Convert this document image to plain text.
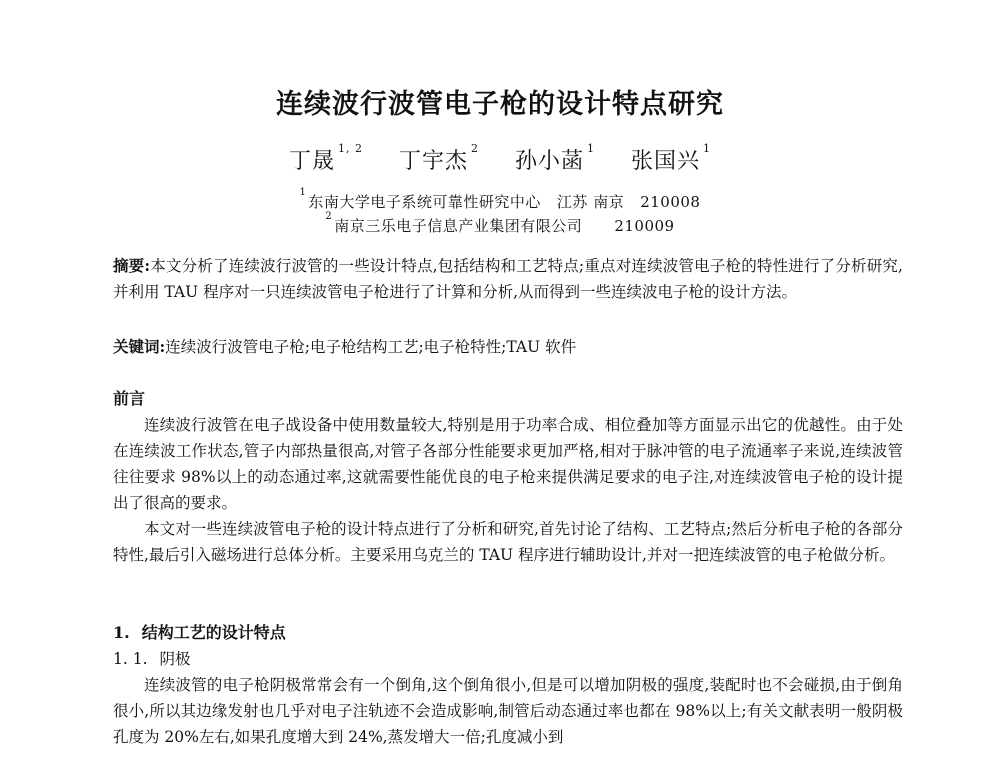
连续波行波管电子枪的设计特点研究
丁晟$^{1, 2}$ 丁宇杰$^2$ 孙小菡$^1$ 张国兴$^1$
$^1$东南大学电子系统可靠性研究中心 江苏 南京 210008
$^2$南京三乐电子信息产业集团有限公司 210009
摘要:本文分析了连续波行波管的一些设计特点,包括结构和工艺特点;重点对连续波管电子枪的特性进行了分析研究,并利用 TAU 程序对一只连续波管电子枪进行了计算和分析,从而得到一些连续波电子枪的设计方法。
关键词:连续波行波管电子枪;电子枪结构工艺;电子枪特性;TAU 软件
前言

连续波行波管在电子战设备中使用数量较大,特别是用于功率合成、相位叠加等方面显示出它的优越性。由于处在连续波工作状态,管子内部热量很高,对管子各部分性能要求更加严格,相对于脉冲管的电子流通率子来说,连续波管往往要求 98%以上的动态通过率,这就需要性能优良的电子枪来提供满足要求的电子注,对连续波管电子枪的设计提出了很高的要求。

本文对一些连续波管电子枪的设计特点进行了分析和研究,首先讨论了结构、工艺特点;然后分析电子枪的各部分特性,最后引入磁场进行总体分析。主要采用乌克兰的 TAU 程序进行辅助设计,并对一把连续波管的电子枪做分析。

1. 结构工艺的设计特点
1. 1. 阴极

连续波管的电子枪阴极常常会有一个倒角,这个倒角很小,但是可以增加阴极的强度,装配时也不会碰损,由于倒角很小,所以其边缘发射也几乎对电子注轨迹不会造成影响,制管后动态通过率也都在 98%以上;有关文献表明一般阴极孔度为 20%左右,如果孔度增大到 24%,蒸发增大一倍;孔度减小到
